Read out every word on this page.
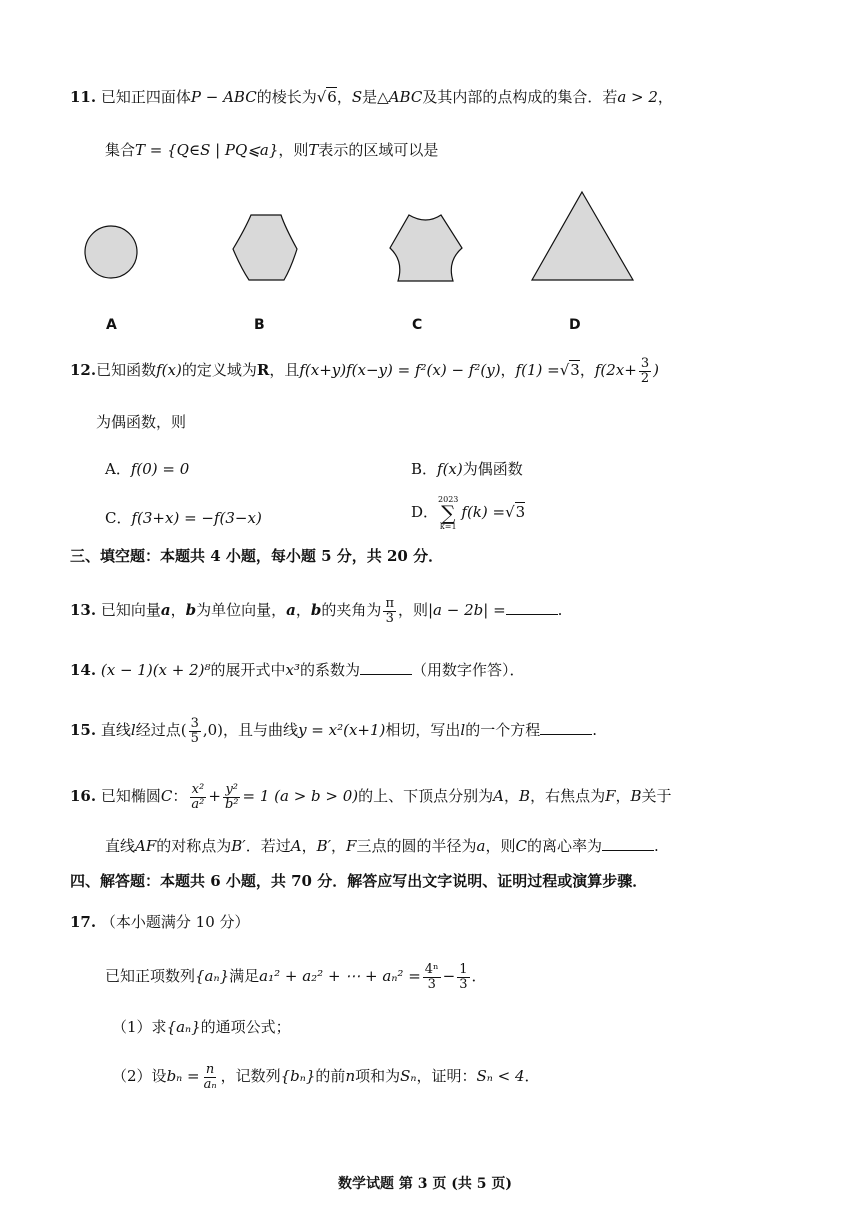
11. 已知正四面体P − ABC的棱长为√6，S是△ABC及其内部的点构成的集合．若a > 2，
集合T = {Q∈S | PQ⩽a}，则T表示的区域可以是
A	B	C	D
12.已知函数f(x)的定义域为R，且f(x+y)f(x−y) = f²(x) − f²(y)，f(1) =√3，$f(2x+ \frac{3}{2}$ )
为偶函数，则
A．f(0) = 0	B．f(x)为偶函数
C．f(3+x) = −f(3−x)	D．
2023
∑
k=1
f(k) =√3
三、填空题：本题共 4 小题，每小题 5 分，共 20 分．
13. 已知向量a，b为单位向量，a，b的夹角为 $\frac{\pi}{3}$ ，则|a − 2b| =	.
14. (x − 1)(x + 2)⁸的展开式中x³的系数为	（用数字作答）．
15. 直线l经过点( $\frac{3}{5} ,0$)，且与曲线y = x²(x+1)相切，写出l的一个方程	.
16. 已知椭圆C： $\frac{\text{x²}}{\text{a²}} + \frac{\text{y²}}{\text{b²}} = 1$ (a > b > 0)的上、下顶点分别为A，B，右焦点为F，B关于
直线AF的对称点为B′．若过A，B′，F三点的圆的半径为a，则C的离心率为	.
四、解答题：本题共 6 小题，共 70 分．解答应写出文字说明、证明过程或演算步骤．
17. （本小题满分 10 分）
已知正项数列{aₙ}满足a₁² + a₂² + ⋯ + $a_n^2 = \frac{\text{4ⁿ}}{3} - \frac{1}{3}$ ．
（1）求{aₙ}的通项公式；
（2）设$b_n = \frac{n}{\text{aₙ}}$ ，记数列{bₙ}的前n项和为Sₙ，证明：Sₙ < 4．
数学试题 第 3 页 (共 5 页)
